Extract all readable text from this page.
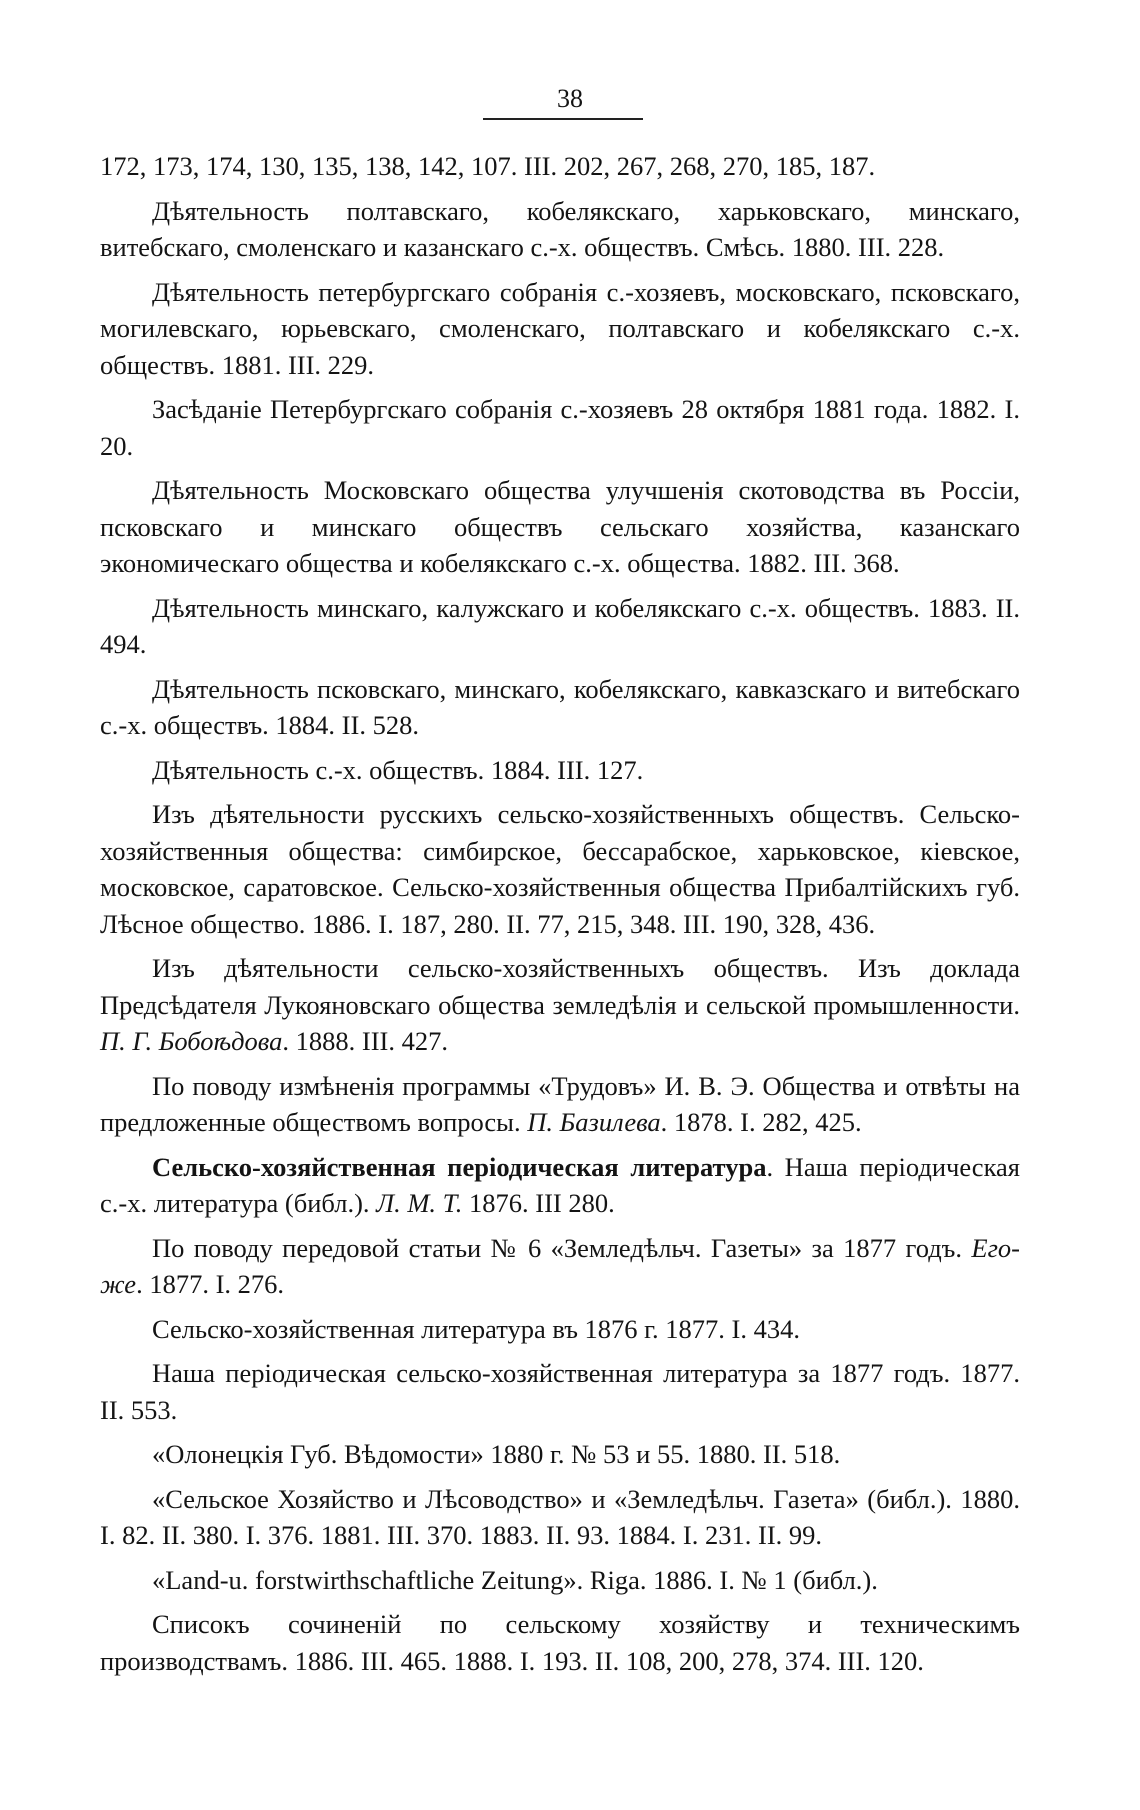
38

172, 173, 174, 130, 135, 138, 142, 107. III. 202, 267, 268, 270, 185, 187.

Дѣятельность полтавскаго, кобелякскаго, харьковскаго, минскаго, витебскаго, смоленскаго и казанскаго с.-х. обществъ. Смѣсь. 1880. III. 228.

Дѣятельность петербургскаго собранія с.-хозяевъ, московскаго, псковскаго, могилевскаго, юрьевскаго, смоленскаго, полтавскаго и кобелякскаго с.-х. обществъ. 1881. III. 229.

Засѣданіе Петербургскаго собранія с.-хозяевъ 28 октября 1881 года. 1882. I. 20.

Дѣятельность Московскаго общества улучшенія скотоводства въ Россіи, псковскаго и минскаго обществъ сельскаго хозяйства, казанскаго экономическаго общества и кобелякскаго с.-х. общества. 1882. III. 368.

Дѣятельность минскаго, калужскаго и кобелякскаго с.-х. обществъ. 1883. II. 494.

Дѣятельность псковскаго, минскаго, кобелякскаго, кавказскаго и витебскаго с.-х. обществъ. 1884. II. 528.

Дѣятельность с.-х. обществъ. 1884. III. 127.

Изъ дѣятельности русскихъ сельско-хозяйственныхъ обществъ. Сельско-хозяйственныя общества: симбирское, бессарабское, харьковское, кіевское, московское, саратовское. Сельско-хозяйственныя общества Прибалтійскихъ губ. Лѣсное общество. 1886. I. 187, 280. II. 77, 215, 348. III. 190, 328, 436.

Изъ дѣятельности сельско-хозяйственныхъ обществъ. Изъ доклада Предсѣдателя Лукояновскаго общества земледѣлія и сельской промышленности. П. Г. Бобоѣдова. 1888. III. 427.

По поводу измѣненія программы «Трудовъ» И. В. Э. Общества и отвѣты на предложенные обществомъ вопросы. П. Базилева. 1878. I. 282, 425.

Сельско-хозяйственная періодическая литература. Наша періодическая с.-х. литература (библ.). Л. М. Т. 1876. III 280.

По поводу передовой статьи № 6 «Земледѣльч. Газеты» за 1877 годъ. Его-же. 1877. I. 276.

Сельско-хозяйственная литература въ 1876 г. 1877. I. 434.

Наша періодическая сельско-хозяйственная литература за 1877 годъ. 1877. II. 553.

«Олонецкія Губ. Вѣдомости» 1880 г. № 53 и 55. 1880. II. 518.

«Сельское Хозяйство и Лѣсоводство» и «Земледѣльч. Газета» (библ.). 1880. I. 82. II. 380. I. 376. 1881. III. 370. 1883. II. 93. 1884. I. 231. II. 99.

«Land-u. forstwirthschaftliche Zeitung». Riga. 1886. I. № 1 (библ.).

Списокъ сочиненій по сельскому хозяйству и техническимъ производствамъ. 1886. III. 465. 1888. I. 193. II. 108, 200, 278, 374. III. 120.
